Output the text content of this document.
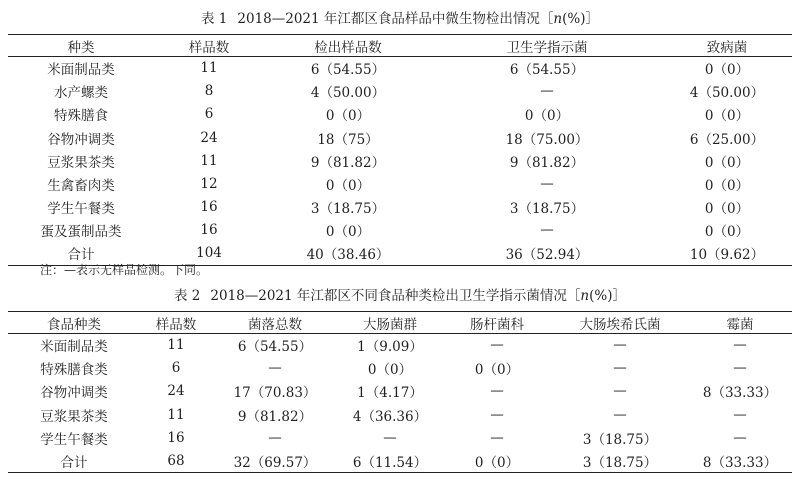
表 1 2018—2021 年江都区食品样品中微生物检出情况［n(%)］
种类	样品数	检出样品数	卫生学指示菌	致病菌
米面制品类	11	6（54.55）	6（54.55）	0（0）
水产螺类	8	4（50.00）	—	4（50.00）
特殊膳食	6	0（0）	0（0）	0（0）
谷物冲调类	24	18（75）	18（75.00）	6（25.00）
豆浆果茶类	11	9（81.82）	9（81.82）	0（0）
生禽畜肉类	12	0（0）	—	0（0）
学生午餐类	16	3（18.75）	3（18.75）	0（0）
蛋及蛋制品类	16	0（0）	—	0（0）
合计	104	40（38.46）	36（52.94）	10（9.62）
注：—表示无样品检测。下同。
表 2 2018—2021 年江都区不同食品种类检出卫生学指示菌情况［n(%)］
食品种类	样品数	菌落总数	大肠菌群	肠杆菌科	大肠埃希氏菌	霉菌
米面制品类	11	6（54.55）	1（9.09）	—	—	—
特殊膳食类	6	—	0（0）	0（0）	—	—
谷物冲调类	24	17（70.83）	1（4.17）	—	—	8（33.33）
豆浆果茶类	11	9（81.82）	4（36.36）	—	—	—
学生午餐类	16	—	—	—	3（18.75）	—
合计	68	32（69.57）	6（11.54）	0（0）	3（18.75）	8（33.33）
